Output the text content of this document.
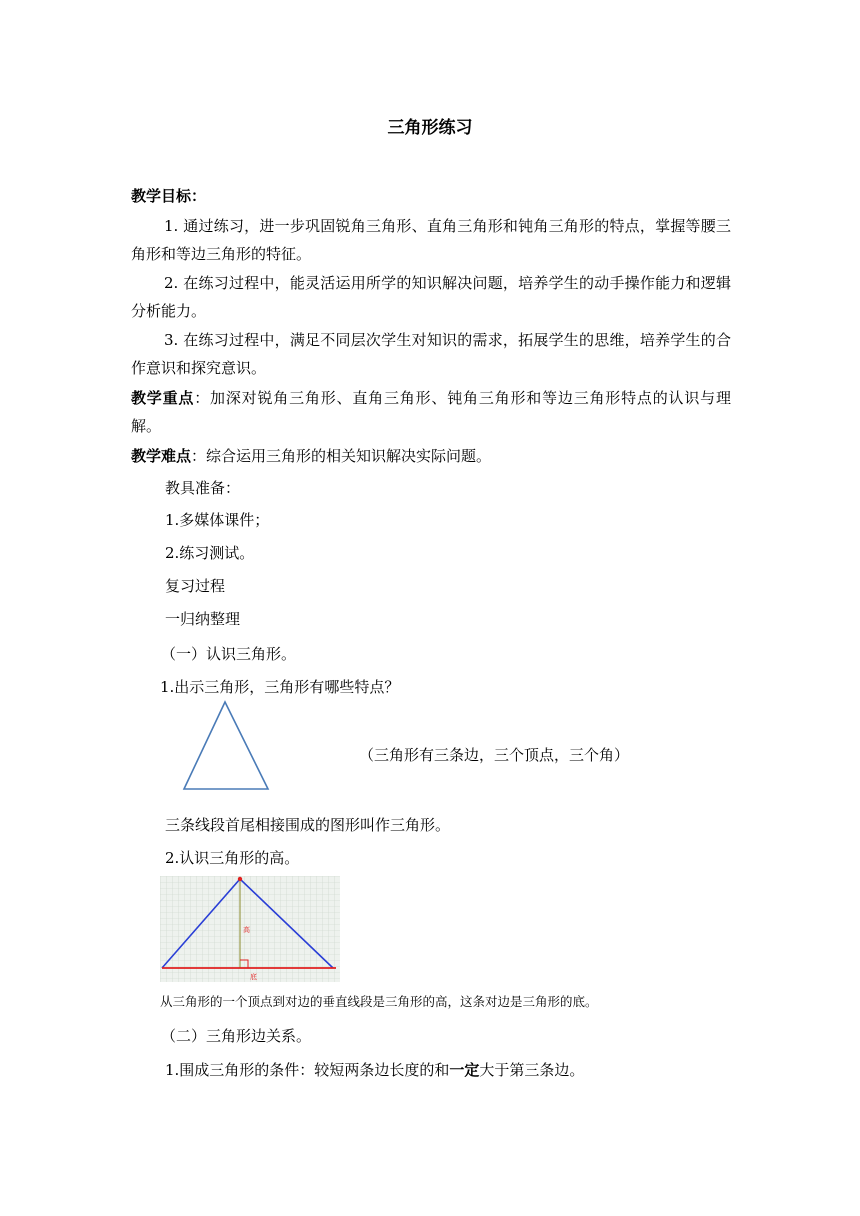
三角形练习
教学目标：
1. 通过练习，进一步巩固锐角三角形、直角三角形和钝角三角形的特点，掌握等腰三角形和等边三角形的特征。
2. 在练习过程中，能灵活运用所学的知识解决问题，培养学生的动手操作能力和逻辑分析能力。
3. 在练习过程中，满足不同层次学生对知识的需求，拓展学生的思维，培养学生的合作意识和探究意识。
教学重点：加深对锐角三角形、直角三角形、钝角三角形和等边三角形特点的认识与理解。
教学难点：综合运用三角形的相关知识解决实际问题。
教具准备：
1.多媒体课件；
2.练习测试。
复习过程
一归纳整理
（一）认识三角形。
1.出示三角形，三角形有哪些特点？
（三角形有三条边，三个顶点，三个角）
三条线段首尾相接围成的图形叫作三角形。
2.认识三角形的高。
高
底
从三角形的一个顶点到对边的垂直线段是三角形的高，这条对边是三角形的底。
（二）三角形边关系。
1.围成三角形的条件：较短两条边长度的和一定大于第三条边。
